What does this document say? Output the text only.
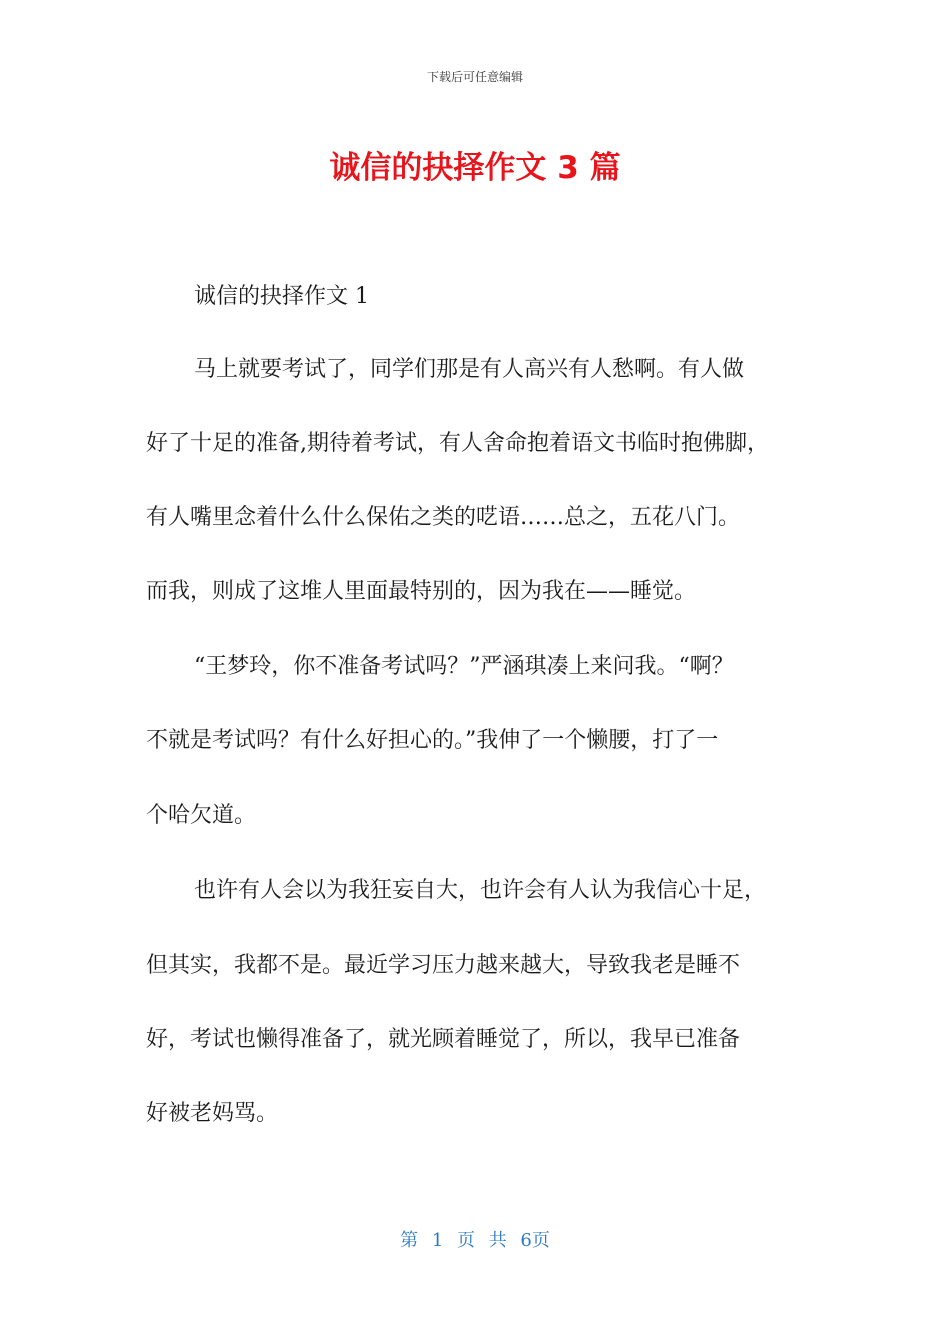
下载后可任意编辑
诚信的抉择作文 3 篇
诚信的抉择作文 1
马上就要考试了，同学们那是有人高兴有人愁啊。有人做
好了十足的准备,期待着考试，有人舍命抱着语文书临时抱佛脚，
有人嘴里念着什么什么保佑之类的呓语……总之，五花八门。
而我，则成了这堆人里面最特别的，因为我在——睡觉。
“王梦玲，你不准备考试吗？”严涵琪凑上来问我。“啊？
不就是考试吗？有什么好担心的。”我伸了一个懒腰，打了一
个哈欠道。
也许有人会以为我狂妄自大，也许会有人认为我信心十足，
但其实，我都不是。最近学习压力越来越大，导致我老是睡不
好，考试也懒得准备了，就光顾着睡觉了，所以，我早已准备
好被老妈骂。
第 1 页 共 6页
